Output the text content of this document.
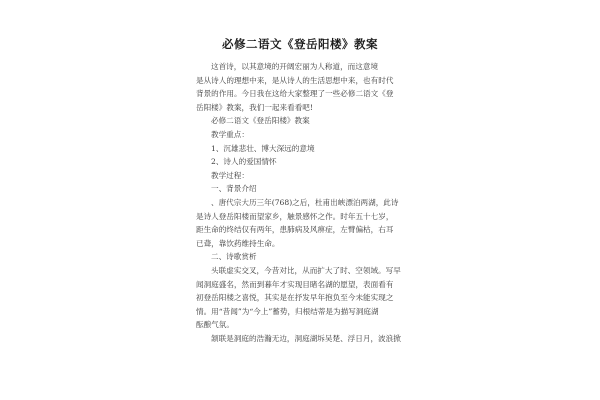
必修二语文《登岳阳楼》教案
这首诗，以其意境的开阔宏丽为人称道，而这意境
是从诗人的理想中来，是从诗人的生活思想中来，也有时代
背景的作用。今日我在这给大家整理了一些必修二语文《登
岳阳楼》教案，我们一起来看看吧!
必修二语文《登岳阳楼》教案
教学重点：
1、沉雄悲壮、博大深远的意境
2、诗人的爱国情怀
教学过程：
一、背景介绍
、唐代宗大历三年(768)之后，杜甫出峡漂泊两湖，此诗
是诗人登岳阳楼而望家乡，触景感怀之作。时年五十七岁，
距生命的终结仅有两年，患肺病及风痹症，左臂偏枯，右耳
已聋，靠饮药维持生命。
二、诗歌赏析
头联虚实交叉，今昔对比，从而扩大了时、空领域。写早
闻洞庭盛名，然而到暮年才实现目睹名湖的愿望，表面看有
初登岳阳楼之喜悦，其实是在抒发早年抱负至今未能实现之
情。用“昔闻”为“今上”蓄势，归根结蒂是为描写洞庭湖
酝酿气氛。
颔联是洞庭的浩瀚无边，洞庭湖坼吴楚、浮日月，波浪掀
